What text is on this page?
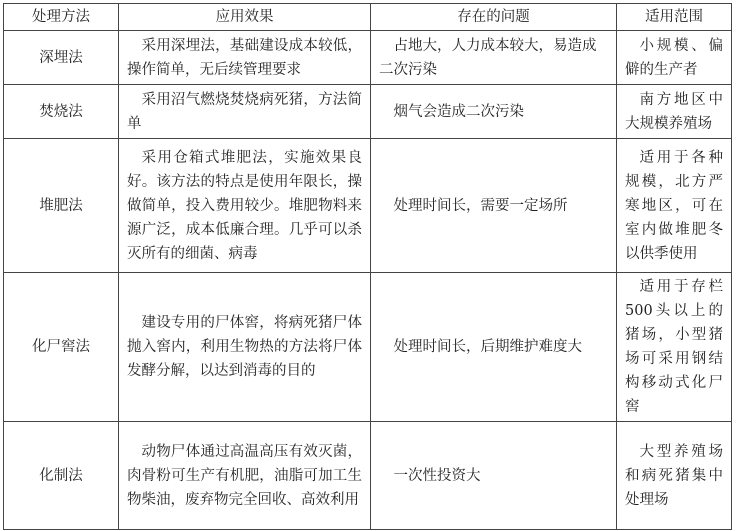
处理方法	应用效果	存在的问题	适用范围
深埋法	采用深埋法，基础建设成本较低，操作简单，无后续管理要求	占地大，人力成本较大，易造成二次污染	小规模、偏僻的生产者
焚烧法	采用沼气燃烧焚烧病死猪，方法简单	烟气会造成二次污染	南方地区中大规模养殖场
堆肥法	采用仓箱式堆肥法，实施效果良好。该方法的特点是使用年限长，操做简单，投入费用较少。堆肥物料来源广泛，成本低廉合理。几乎可以杀灭所有的细菌、病毒	处理时间长，需要一定场所	适用于各种规模，北方严寒地区，可在室内做堆肥冬以供季使用
化尸窖法	建设专用的尸体窖，将病死猪尸体抛入窖内，利用生物热的方法将尸体发酵分解，以达到消毒的目的	处理时间长，后期维护难度大	适用于存栏500头以上的猪场，小型猪场可采用钢结构移动式化尸窖
化制法	动物尸体通过高温高压有效灭菌，肉骨粉可生产有机肥，油脂可加工生物柴油，废弃物完全回收、高效利用	一次性投资大	大型养殖场和病死猪集中处理场
